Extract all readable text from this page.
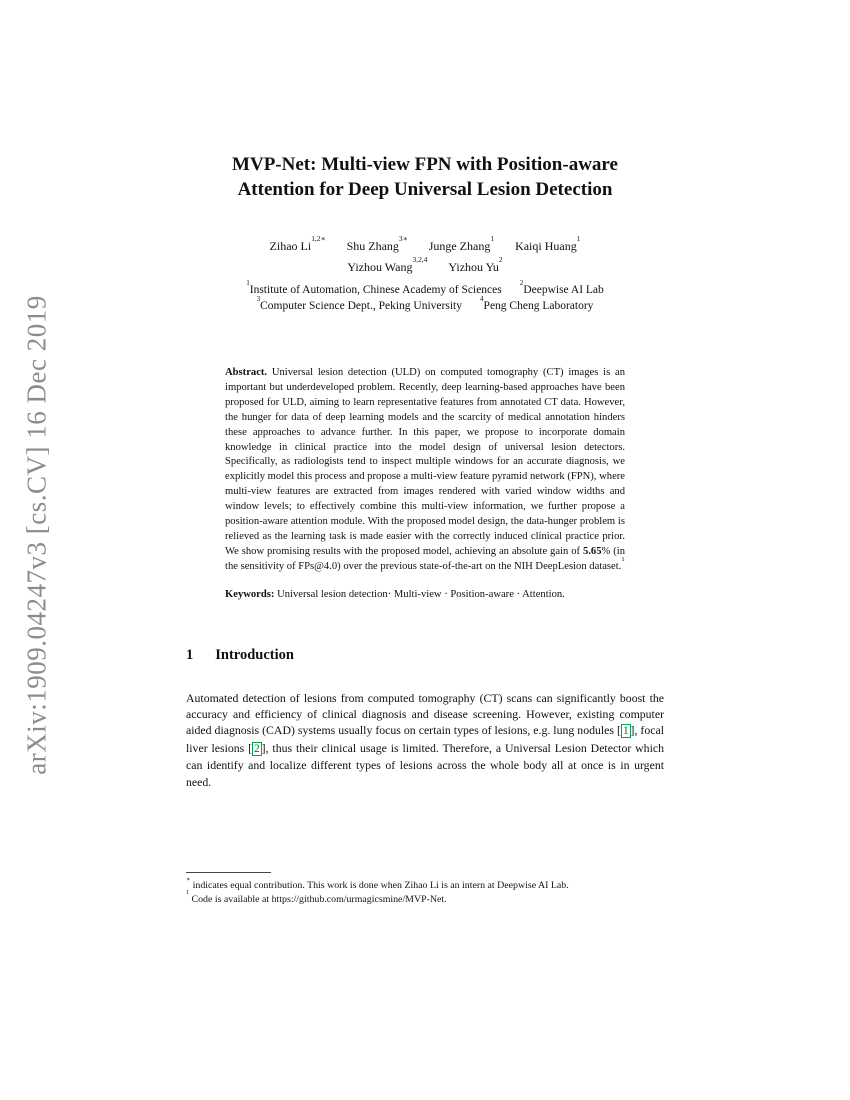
arXiv:1909.04247v3 [cs.CV] 16 Dec 2019
MVP-Net: Multi-view FPN with Position-aware
Attention for Deep Universal Lesion Detection
Zihao $Li^{1,2∗}$ Shu Zhang$^{3∗}$ Junge Zhang$^1$ Kaiqi Huang$^1$
Yizhou Wang$^{3,2,4}$ Yizhou Yu$^2$
$^1$Institute of Automation, Chinese Academy of Sciences$^2$Deepwise AI Lab
$^3$Computer Science Dept., Peking University$^4$Peng Cheng Laboratory
Abstract. Universal lesion detection (ULD) on computed tomography (CT) images is an important but underdeveloped problem. Recently, deep learning-based approaches have been proposed for ULD, aiming to learn representative features from annotated CT data. However, the hunger for data of deep learning models and the scarcity of medical annotation hinders these approaches to advance further. In this paper, we propose to incorporate domain knowledge in clinical practice into the model design of universal lesion detectors. Specifically, as radiologists tend to inspect multiple windows for an accurate diagnosis, we explicitly model this process and propose a multi-view feature pyramid network (FPN), where multi-view features are extracted from images rendered with varied window widths and window levels; to effectively combine this multi-view information, we further propose a position-aware attention module. With the proposed model design, the data-hunger problem is relieved as the learning task is made easier with the correctly induced clinical practice prior. We show promising results with the proposed model, achieving an absolute gain of 5.65% (in the sensitivity of FPs@4.0) over the previous state-of-the-art on the NIH DeepLesion dataset.$^1$
Keywords: Universal lesion detection· Multi-view · Position-aware · Attention.
1 Introduction

Automated detection of lesions from computed tomography (CT) scans can significantly boost the accuracy and efficiency of clinical diagnosis and disease screening. However, existing computer aided diagnosis (CAD) systems usually focus on certain types of lesions, e.g. lung nodules [ 1 ], focal liver lesions [ 2 ], thus their clinical usage is limited. Therefore, a Universal Lesion Detector which can identify and localize different types of lesions across the whole body all at once is in urgent need.

∗ indicates equal contribution. This work is done when Zihao Li is an intern at Deepwise AI Lab.
$^1$ Code is available at https://github.com/urmagicsmine/MVP-Net.
